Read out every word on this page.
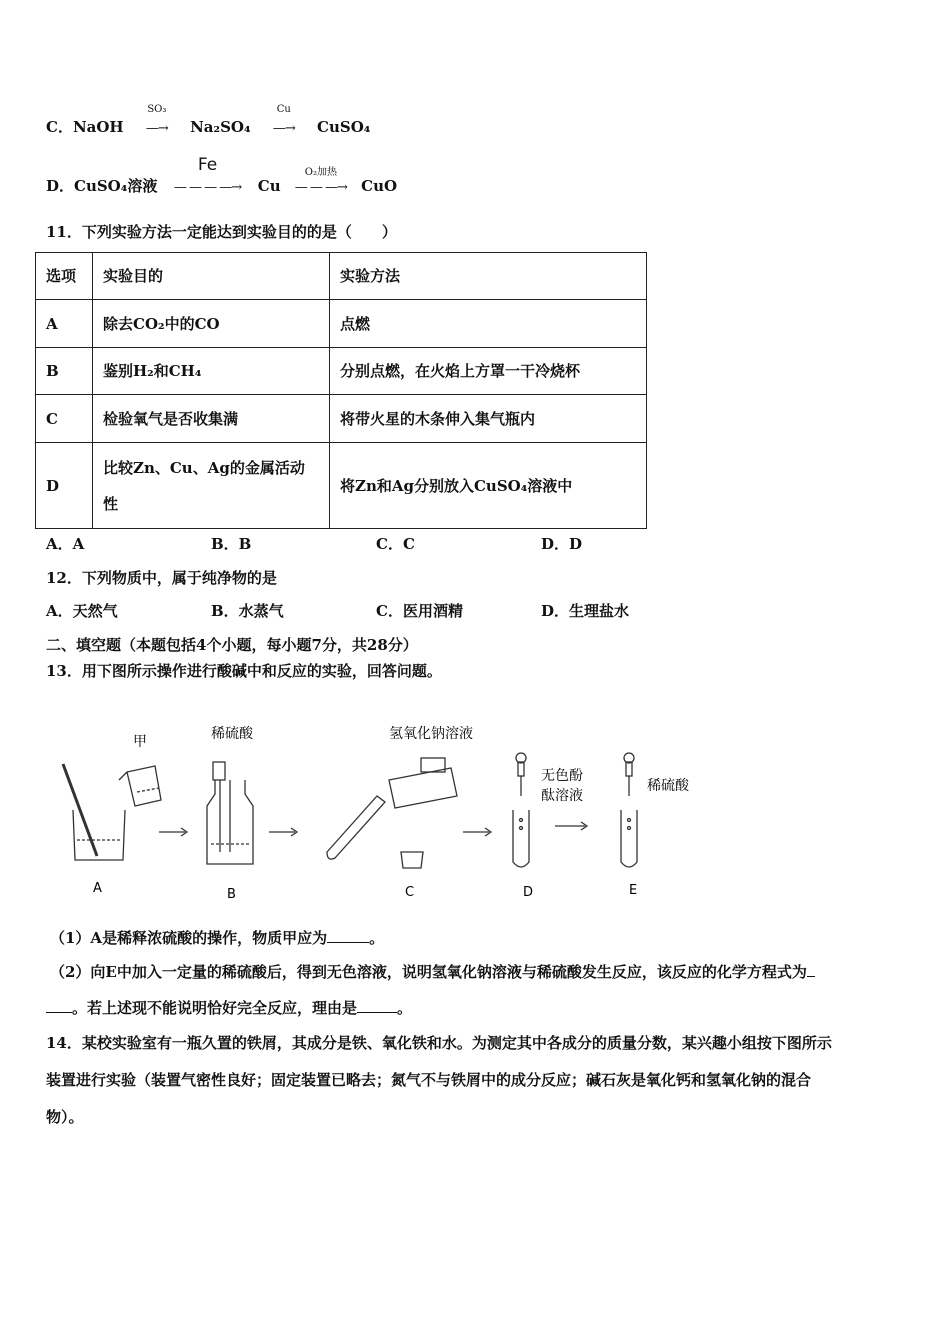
C．NaOH
SO₃
—→ Na₂SO₄
Cu
—→ CuSO₄
D．CuSO₄溶液
Fe
— — — —→ Cu
O₂加热
— — —→ CuO
11．下列实验方法一定能达到实验目的的是（　　）
选项	实验目的	实验方法
A	除去CO₂中的CO	点燃
B	鉴别H₂和CH₄	分别点燃，在火焰上方罩一干冷烧杯
C	检验氧气是否收集满	将带火星的木条伸入集气瓶内
D	比较Zn、Cu、Ag的金属活动性	将Zn和Ag分别放入CuSO₄溶液中
A．A	B．B	C．C	D．D
12．下列物质中，属于纯净物的是
A．天然气	B．水蒸气	C．医用酒精	D．生理盐水
二、填空题（本题包括4个小题，每小题7分，共28分）
13．用下图所示操作进行酸碱中和反应的实验，回答问题。
甲	稀硫酸	氢氧化钠溶液
无色酚
酞溶液
稀硫酸
A	B	C	D	E
（1）A是稀释浓硫酸的操作，物质甲应为	。
（2）向E中加入一定量的稀硫酸后，得到无色溶液，说明氢氧化钠溶液与稀硫酸发生反应，该反应的化学方程式为
。若上述现不能说明恰好完全反应，理由是	。
14．某校实验室有一瓶久置的铁屑，其成分是铁、氧化铁和水。为测定其中各成分的质量分数，某兴趣小组按下图所示
装置进行实验（装置气密性良好；固定装置已略去；氮气不与铁屑中的成分反应；碱石灰是氧化钙和氢氧化钠的混合
物）。
